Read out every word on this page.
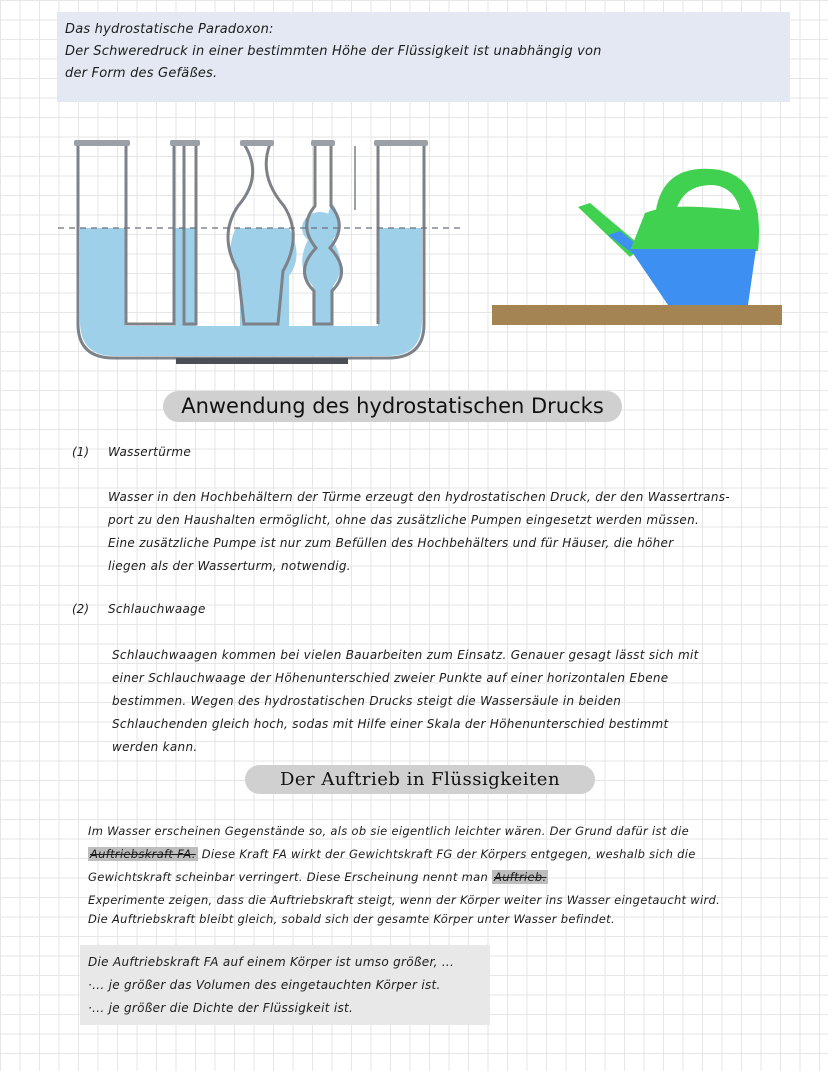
Das hydrostatische Paradoxon:
Der Schweredruck in einer bestimmten Höhe der Flüssigkeit ist unabhängig von
der Form des Gefäßes.
Anwendung des hydrostatischen Drucks
(1) Wassertürme
Wasser in den Hochbehältern der Türme erzeugt den hydrostatischen Druck, der den Wassertrans-
port zu den Haushalten ermöglicht, ohne das zusätzliche Pumpen eingesetzt werden müssen.
Eine zusätzliche Pumpe ist nur zum Befüllen des Hochbehälters und für Häuser, die höher
liegen als der Wasserturm, notwendig.
(2) Schlauchwaage
Schlauchwaagen kommen bei vielen Bauarbeiten zum Einsatz. Genauer gesagt lässt sich mit
einer Schlauchwaage der Höhenunterschied zweier Punkte auf einer horizontalen Ebene
bestimmen. Wegen des hydrostatischen Drucks steigt die Wassersäule in beiden
Schlauchenden gleich hoch, sodas mit Hilfe einer Skala der Höhenunterschied bestimmt
werden kann.
Der Auftrieb in Flüssigkeiten
Im Wasser erscheinen Gegenstände so, als ob sie eigentlich leichter wären. Der Grund dafür ist die
Auftriebskraft FA. Diese Kraft FA wirkt der Gewichtskraft FG der Körpers entgegen, weshalb sich die
Gewichtskraft scheinbar verringert. Diese Erscheinung nennt man Auftrieb.
Experimente zeigen, dass die Auftriebskraft steigt, wenn der Körper weiter ins Wasser eingetaucht wird.
Die Auftriebskraft bleibt gleich, sobald sich der gesamte Körper unter Wasser befindet.
Die Auftriebskraft FA auf einem Körper ist umso größer, ...
·... je größer das Volumen des eingetauchten Körper ist.
·... je größer die Dichte der Flüssigkeit ist.
